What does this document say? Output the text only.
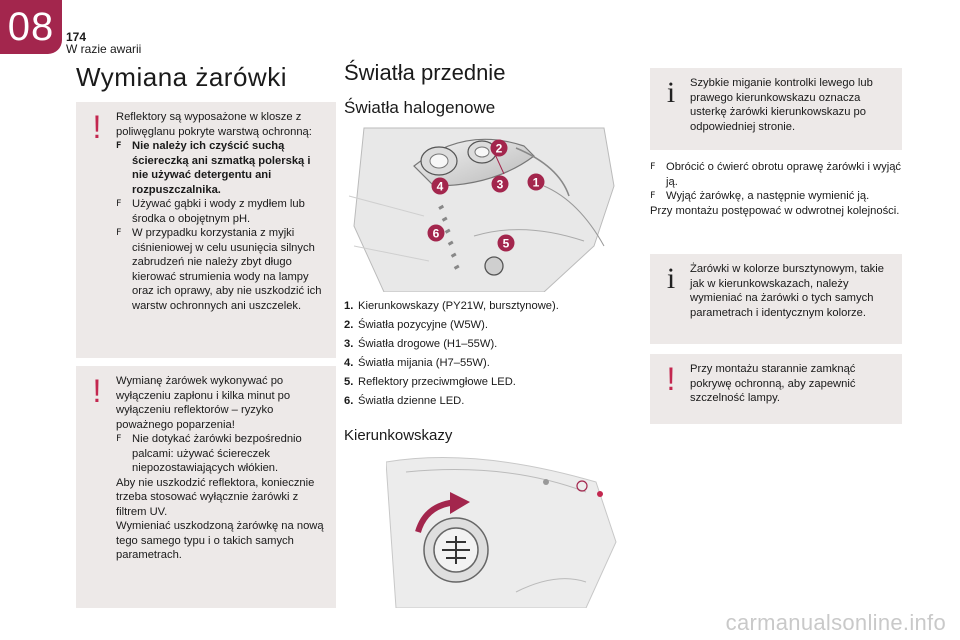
08 174
W razie awarii
Wymiana żarówki
!	Reflektory są wyposażone w klosze z poliwęglanu pokryte warstwą ochronną:

F Nie należy ich czyścić suchą ściereczką ani szmatką polerską i nie używać detergentu ani rozpuszczalnika.

F Używać gąbki i wody z mydłem lub środka o obojętnym pH.

F W przypadku korzystania z myjki ciśnieniowej w celu usunięcia silnych zabrudzeń nie należy zbyt długo kierować strumienia wody na lampy oraz ich oprawy, aby nie uszkodzić ich warstw ochronnych ani uszczelek.

!	Wymianę żarówek wykonywać po wyłączeniu zapłonu i kilka minut po wyłączeniu reflektorów – ryzyko poważnego poparzenia!

F Nie dotykać żarówki bezpośrednio palcami: używać ściereczek niepozostawiających włókien.

Aby nie uszkodzić reflektora, koniecznie trzeba stosować wyłącznie żarówki z filtrem UV.

Wymieniać uszkodzoną żarówkę na nową tego samego typu i o takich samych parametrach.

Światła przednie
Światła halogenowe
1
2
3
4
5
6
1. Kierunkowskazy (PY21W, bursztynowe).
2. Światła pozycyjne (W5W).
3. Światła drogowe (H1–55W).
4. Światła mijania (H7–55W).
5. Reflektory przeciwmgłowe LED.
6. Światła dzienne LED.
Kierunkowskazy
i	Szybkie miganie kontrolki lewego lub prawego kierunkowskazu oznacza usterkę żarówki kierunkowskazu po odpowiedniej stronie.

F Obrócić o ćwierć obrotu oprawę żarówki i wyjąć ją.

F Wyjąć żarówkę, a następnie wymienić ją.

Przy montażu postępować w odwrotnej kolejności.

i	Żarówki w kolorze bursztynowym, takie jak w kierunkowskazach, należy wymieniać na żarówki o tych samych parametrach i identycznym kolorze.

!	Przy montażu starannie zamknąć pokrywę ochronną, aby zapewnić szczelność lampy.

carmanualsonline.info
